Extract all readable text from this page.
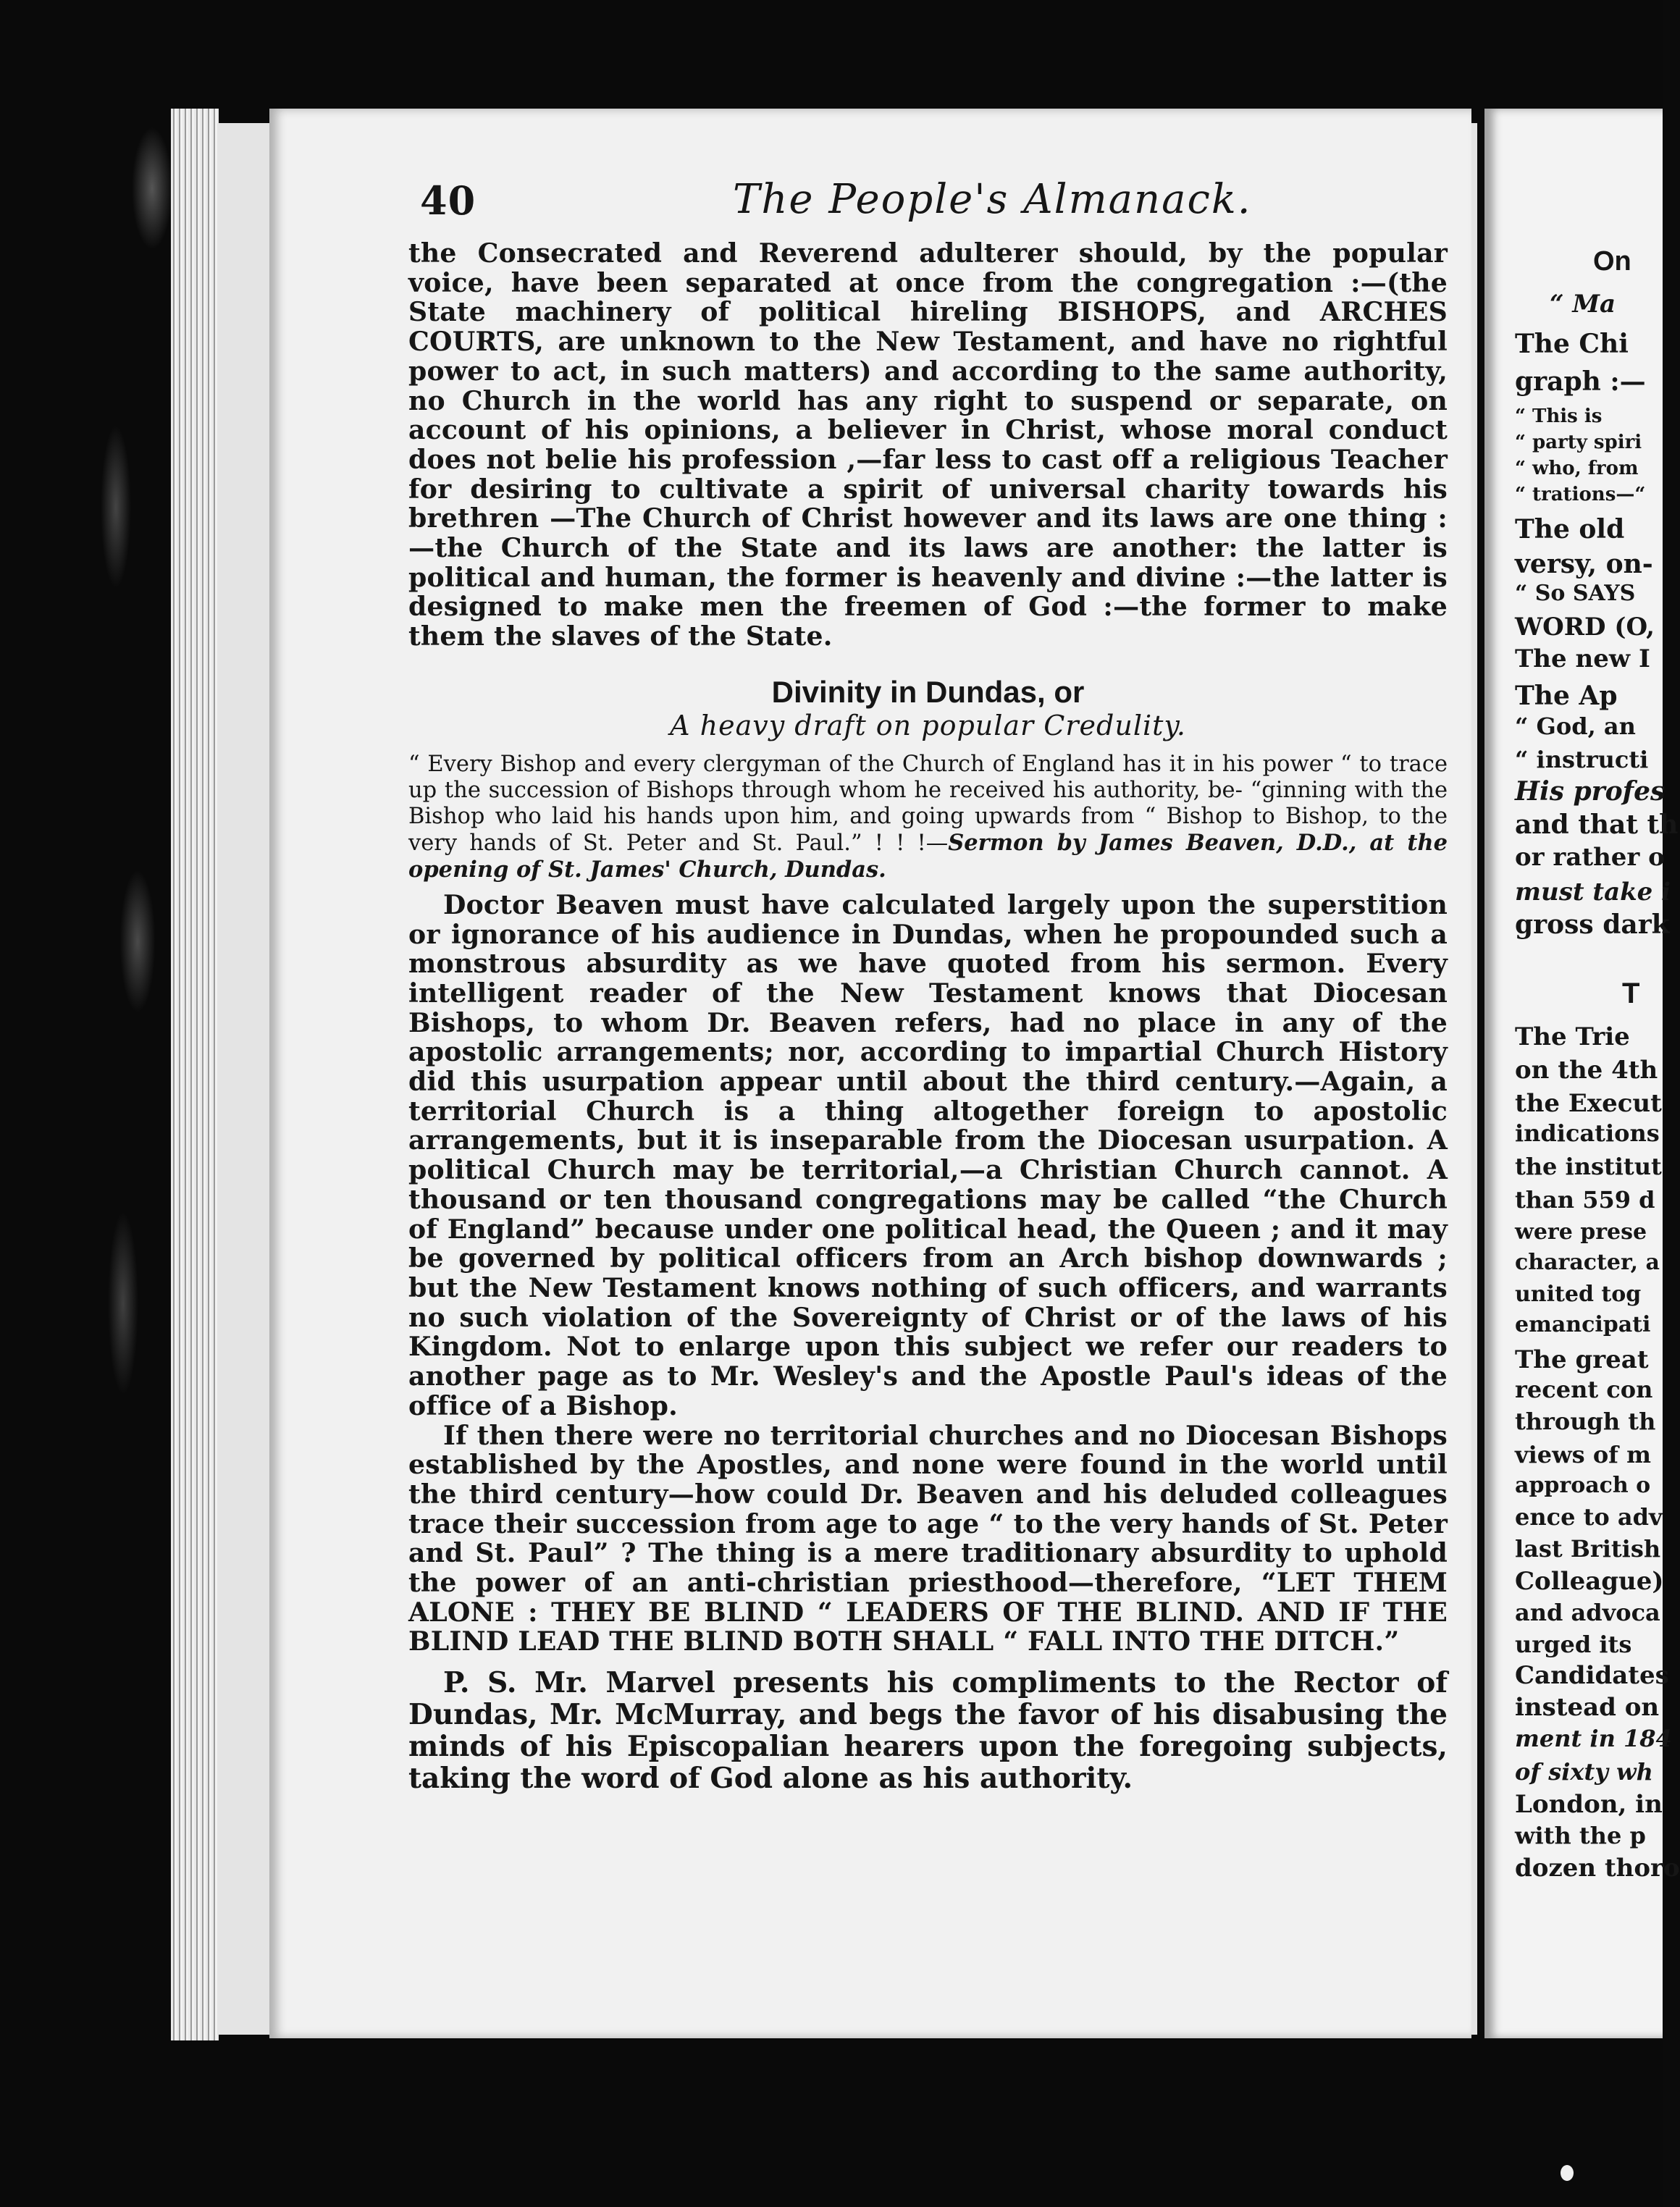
40	The People's Almanack.

the Consecrated and Reverend adulterer should, by the popular voice, have been separated at once from the congregation :—(the State machinery of political hireling BISHOPS, and ARCHES COURTS, are unknown to the New Testament, and have no rightful power to act, in such matters) and according to the same authority, no Church in the world has any right to suspend or separate, on account of his opinions, a believer in Christ, whose moral conduct does not belie his profession ,—far less to cast off a religious Teacher for desiring to cultivate a spirit of universal charity towards his brethren —The Church of Christ however and its laws are one thing :—the Church of the State and its laws are another: the latter is political and human, the former is heavenly and divine :—the latter is designed to make men the freemen of God :—the former to make them the slaves of the State.

Divinity in Dundas, or
A heavy draft on popular Credulity.

“ Every Bishop and every clergyman of the Church of England has it in his power “ to trace up the succession of Bishops through whom he received his authority, be- “ginning with the Bishop who laid his hands upon him, and going upwards from “ Bishop to Bishop, to the very hands of St. Peter and St. Paul.” ! ! !—Sermon by James Beaven, D.D., at the opening of St. James' Church, Dundas.

Doctor Beaven must have calculated largely upon the superstition or ignorance of his audience in Dundas, when he propounded such a monstrous absurdity as we have quoted from his sermon. Every intelligent reader of the New Testament knows that Diocesan Bishops, to whom Dr. Beaven refers, had no place in any of the apostolic arrangements; nor, according to impartial Church History did this usurpation appear until about the third century.—Again, a territorial Church is a thing altogether foreign to apostolic arrangements, but it is inseparable from the Diocesan usurpation. A political Church may be territorial,—a Christian Church cannot. A thousand or ten thousand congregations may be called “the Church of England” because under one political head, the Queen ; and it may be governed by political officers from an Arch bishop downwards ; but the New Testament knows nothing of such officers, and warrants no such violation of the Sovereignty of Christ or of the laws of his Kingdom. Not to enlarge upon this subject we refer our readers to another page as to Mr. Wesley's and the Apostle Paul's ideas of the office of a Bishop.

If then there were no territorial churches and no Diocesan Bishops established by the Apostles, and none were found in the world until the third century—how could Dr. Beaven and his deluded colleagues trace their succession from age to age “ to the very hands of St. Peter and St. Paul” ? The thing is a mere traditionary absurdity to uphold the power of an anti-christian priesthood—therefore, “LET THEM ALONE : THEY BE BLIND “ LEADERS OF THE BLIND. AND IF THE BLIND LEAD THE BLIND BOTH SHALL “ FALL INTO THE DITCH.”

P. S. Mr. Marvel presents his compliments to the Rector of Dundas, Mr. McMurray, and begs the favor of his disabusing the minds of his Episcopalian hearers upon the foregoing subjects, taking the word of God alone as his authority.

On
“ Ma
The Chi
graph :—
“ This is
“ party spiri
“ who, from
“ trations—“
The old
versy, on-
“ So SAYS
WORD (O,
The new I
The Ap
“ God, an
“ instructi
His profes
and that th
or rather o
must take i
gross dark
T
The Trie
on the 4th
the Execut
indications
the institut
than 559 d
were prese
character, a
united tog
emancipati
The great
recent con
through th
views of m
approach o
ence to adv
last British
Colleague)
and advoca
urged its
Candidates
instead on
ment in 184
of sixty wh
London, in
with the p
dozen thoro
